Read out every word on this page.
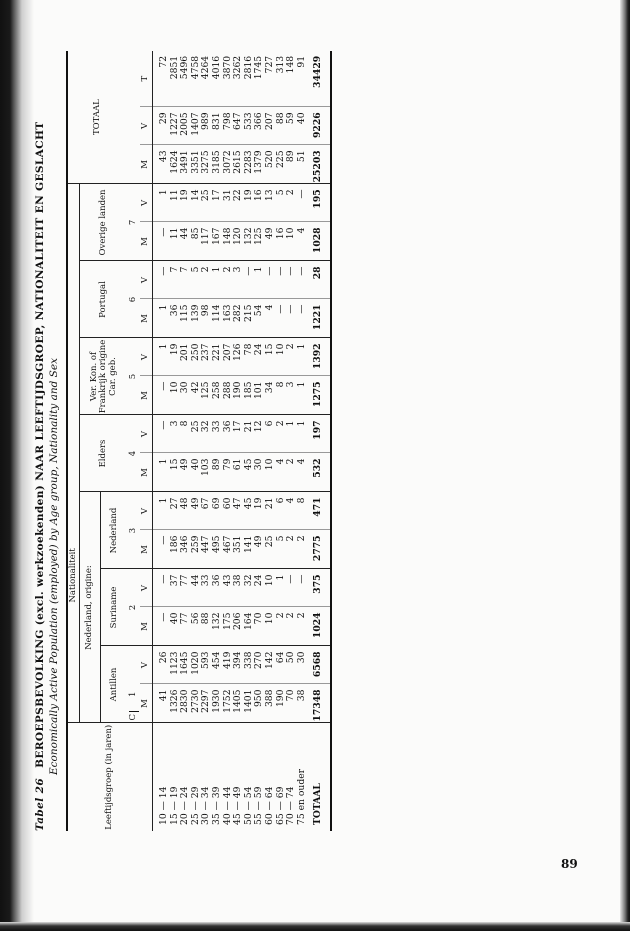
Tabel 26BEROEPSBEVOLKING (excl. werkzoekenden) NAAR LEEFTIJDSGROEP, NATIONALITEIT EN GESLACHT Economically Active Population (employed) by Age group, Nationality and Sex
Leeftijdsgroep (in jaren)	Nationaliteit														TOTAAL		
	Nederland, origine:						Elders		Ver. Kon. of Frankrijk origine Car. geb.		Portugal		Overige landen				
	Antillen		Suriname		Nederland												
	C1		2		3		4		5		6		7				
	M	V	M	V	M	V	M	V	M	V	M	V	M	V	M	V	T
10 — 14	41	26	—	—	—	1	1	—	—	1	1	—	—	1	43	29	72
15 — 19	1326	1123	40	37	186	27	15	3	10	19	36	7	11	11	1624	1227	2851
20 — 24	2830	1645	77	77	346	48	49	8	30	201	115	7	44	19	3491	2005	5496
25 — 29	2730	1020	56	44	259	49	40	25	42	250	139	5	85	14	3351	1407	4758
30 — 34	2297	593	88	33	447	67	103	32	125	237	98	2	117	25	3275	989	4264
35 — 39	1930	454	132	36	495	69	89	33	258	221	114	1	167	17	3185	831	4016
40 — 44	1752	419	175	43	467	60	79	36	288	207	163	2	148	31	3072	798	3870
45 — 49	1405	394	206	38	351	47	61	17	190	126	282	3	120	22	2615	647	3262
50 — 54	1401	338	164	32	141	45	45	21	185	78	215	—	132	19	2283	533	2816
55 — 59	950	270	70	24	49	19	30	12	101	24	54	1	125	16	1379	366	1745
60 — 64	388	142	10	10	25	21	10	6	34	15	4	—	49	13	520	207	727
65 — 69	190	64	2	1	5	6	4	2	8	10	—	—	16	5	225	88	313
70 — 74	70	50	2	—	2	4	2	1	3	2	—	—	10	2	89	59	148
75 en ouder	38	30	2	—	2	8	4	1	1	1	—	—	4	—	51	40	91
TOTAAL	17348	6568	1024	375	2775	471	532	197	1275	1392	1221	28	1028	195	25203	9226	34429
89
